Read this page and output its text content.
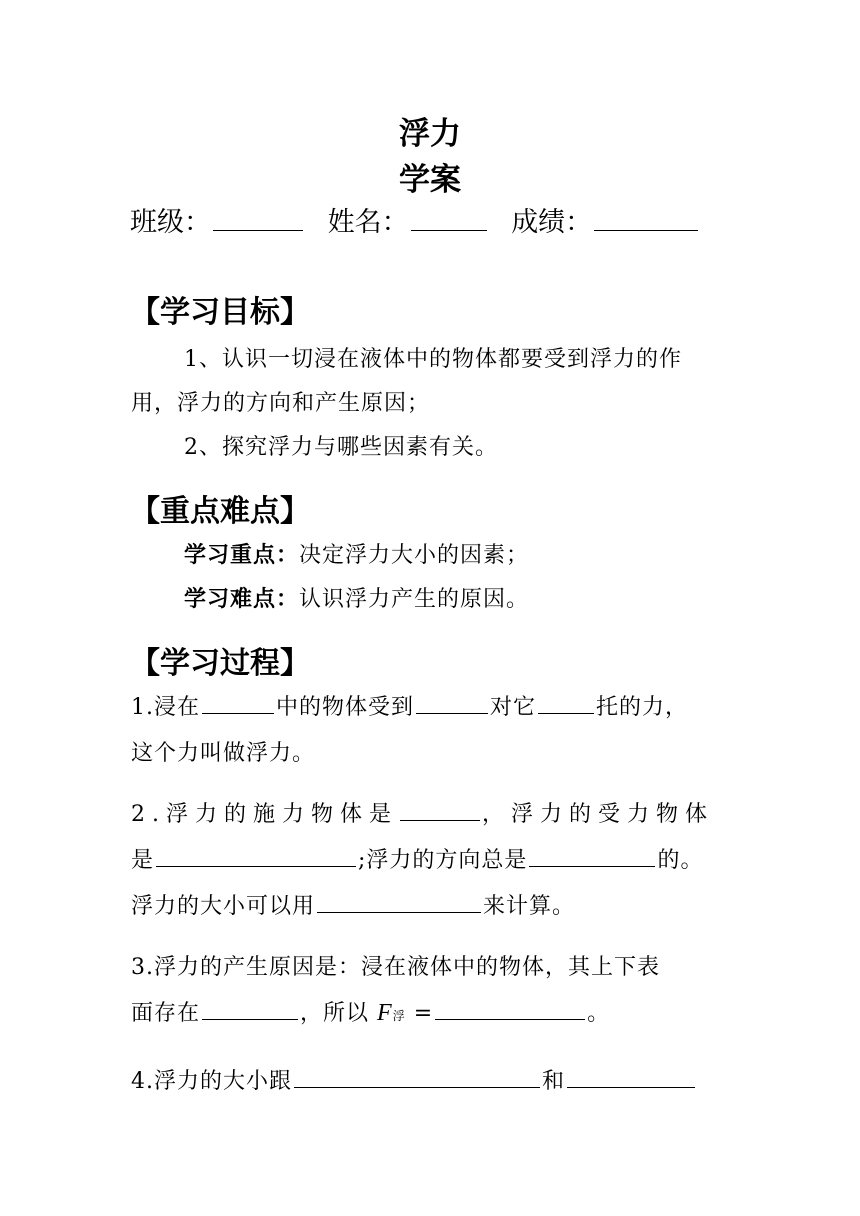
浮力
学案
班级：	姓名：	成绩：
【学习目标】
1、认识一切浸在液体中的物体都要受到浮力的作
用，浮力的方向和产生原因；
2、探究浮力与哪些因素有关。
【重点难点】
学习重点：决定浮力大小的因素；
学习难点：认识浮力产生的原因。
【学习过程】
1.浸在	中的物体受到	对它	托的力，
这个力叫做浮力。
2.浮力的施力物体是	，浮力的受力物体
是	;浮力的方向总是	的。
浮力的大小可以用	来计算。
3.浮力的产生原因是：浸在液体中的物体，其上下表
面存在	，所以 F浮 =	。
4.浮力的大小跟	和
